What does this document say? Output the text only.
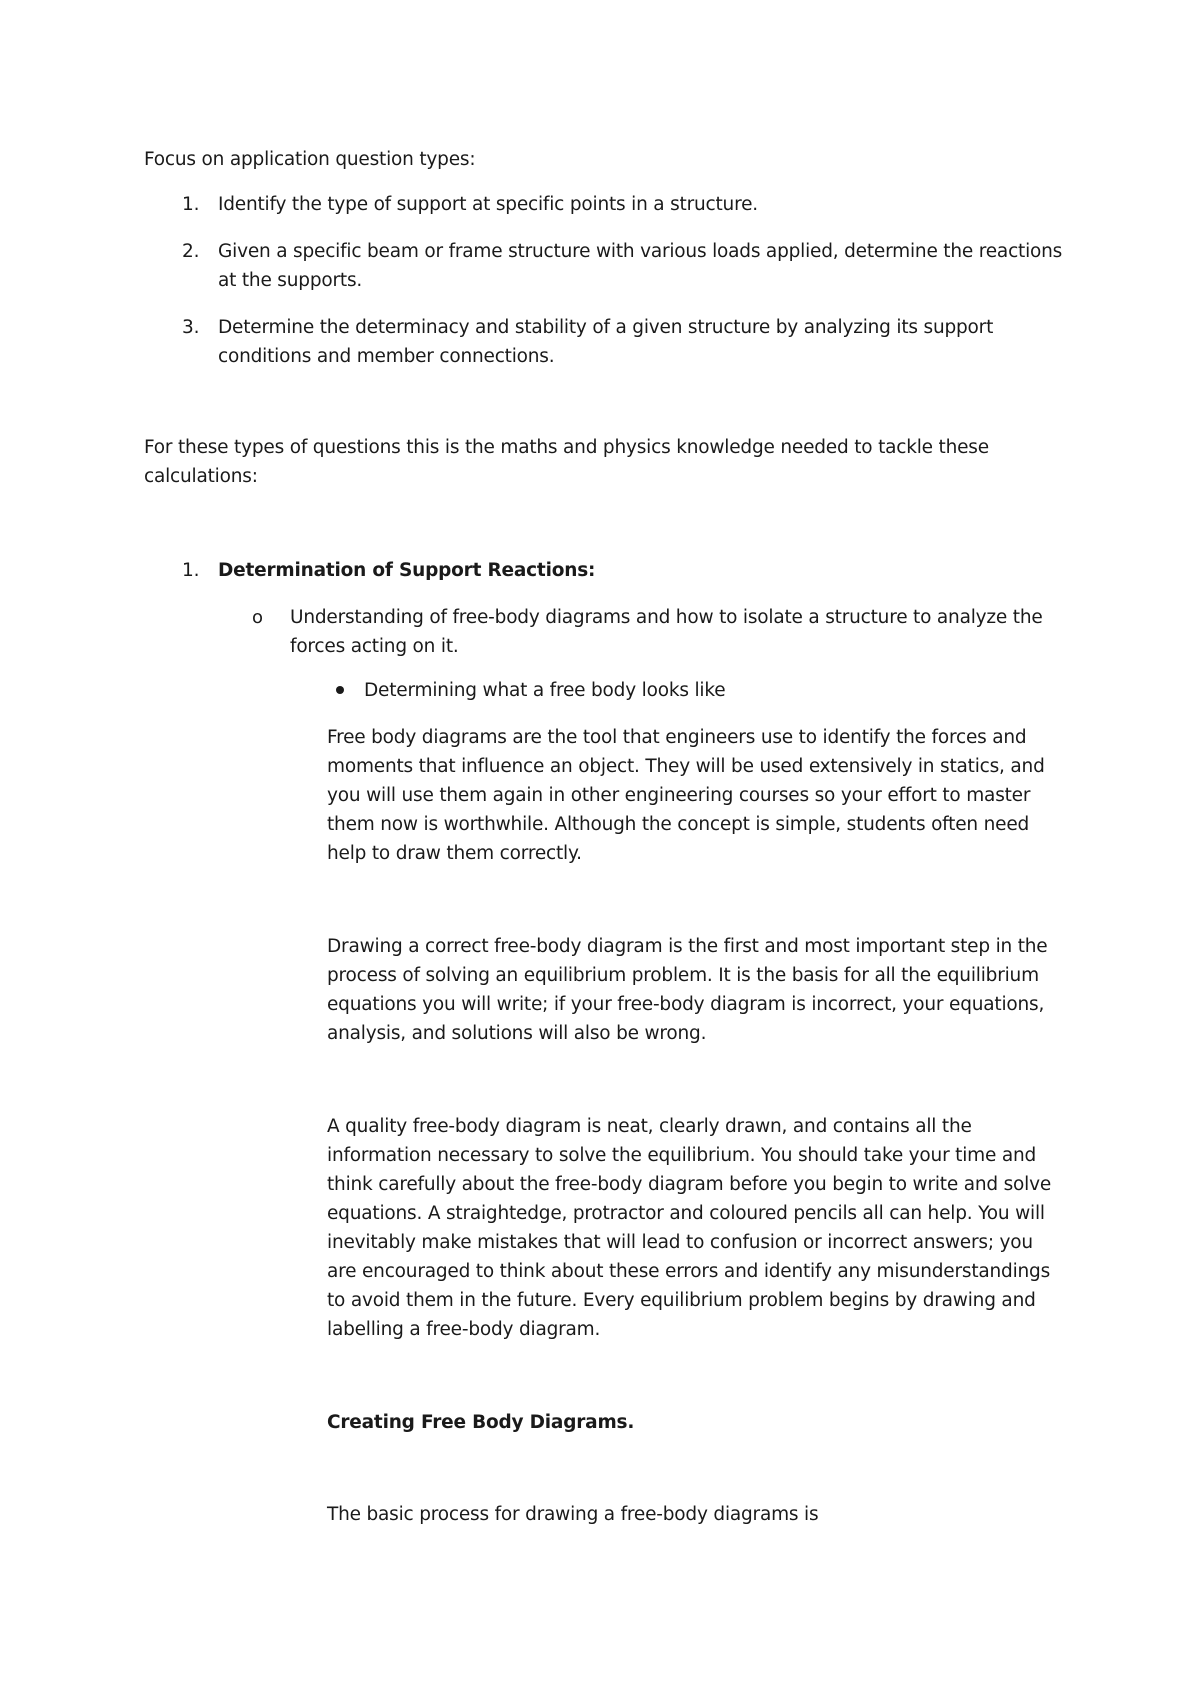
Focus on application question types:

1. Identify the type of support at specific points in a structure.

2. Given a specific beam or frame structure with various loads applied, determine the reactions

at the supports.

3. Determine the determinacy and stability of a given structure by analyzing its support

conditions and member connections.

For these types of questions this is the maths and physics knowledge needed to tackle these

calculations:

1. Determination of Support Reactions:

o Understanding of free-body diagrams and how to isolate a structure to analyze the

forces acting on it.

Determining what a free body looks like

Free body diagrams are the tool that engineers use to identify the forces and

moments that influence an object. They will be used extensively in statics, and

you will use them again in other engineering courses so your effort to master

them now is worthwhile. Although the concept is simple, students often need

help to draw them correctly.

Drawing a correct free-body diagram is the first and most important step in the

process of solving an equilibrium problem. It is the basis for all the equilibrium

equations you will write; if your free-body diagram is incorrect, your equations,

analysis, and solutions will also be wrong.

A quality free-body diagram is neat, clearly drawn, and contains all the

information necessary to solve the equilibrium. You should take your time and

think carefully about the free-body diagram before you begin to write and solve

equations. A straightedge, protractor and coloured pencils all can help. You will

inevitably make mistakes that will lead to confusion or incorrect answers; you

are encouraged to think about these errors and identify any misunderstandings

to avoid them in the future. Every equilibrium problem begins by drawing and

labelling a free-body diagram.

Creating Free Body Diagrams.

The basic process for drawing a free-body diagrams is
